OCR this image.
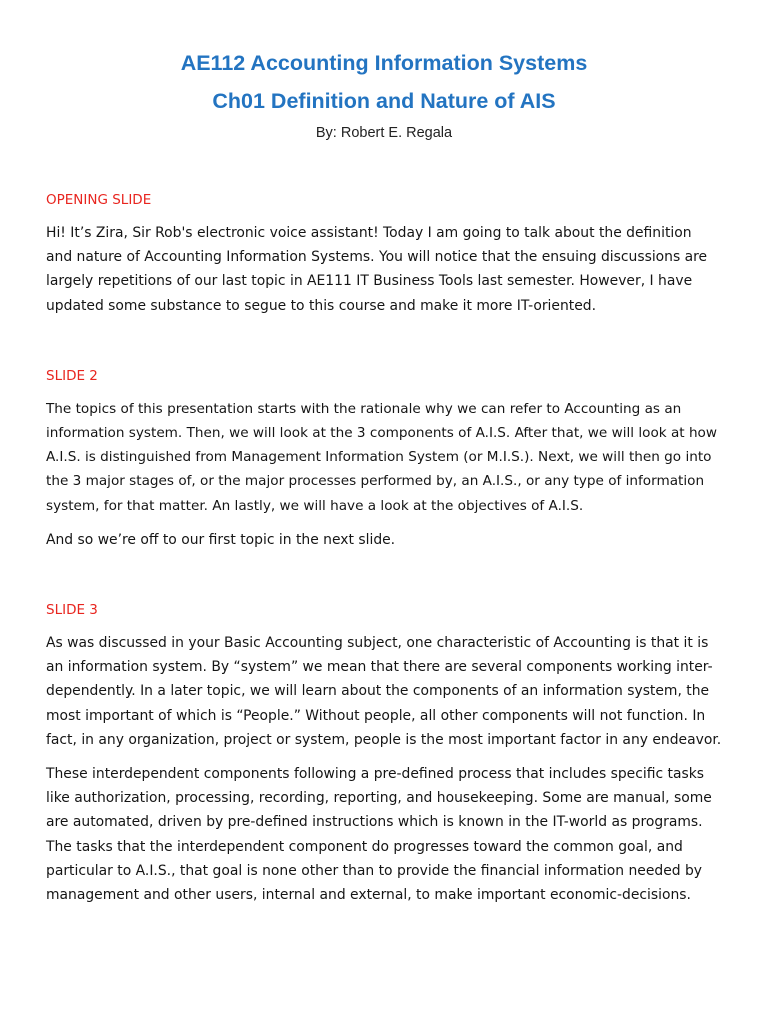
AE112 Accounting Information Systems
Ch01 Definition and Nature of AIS

By: Robert E. Regala

OPENING SLIDE

Hi! It’s Zira, Sir Rob's electronic voice assistant! Today I am going to talk about the definition and nature of Accounting Information Systems. You will notice that the ensuing discussions are largely repetitions of our last topic in AE111 IT Business Tools last semester. However, I have updated some substance to segue to this course and make it more IT-oriented.

SLIDE 2

The topics of this presentation starts with the rationale why we can refer to Accounting as an information system. Then, we will look at the 3 components of A.I.S. After that, we will look at how A.I.S. is distinguished from Management Information System (or M.I.S.). Next, we will then go into the 3 major stages of, or the major processes performed by, an A.I.S., or any type of information system, for that matter. An lastly, we will have a look at the objectives of A.I.S.

And so we’re off to our first topic in the next slide.

SLIDE 3

As was discussed in your Basic Accounting subject, one characteristic of Accounting is that it is an information system. By “system” we mean that there are several components working inter-dependently. In a later topic, we will learn about the components of an information system, the most important of which is “People.” Without people, all other components will not function. In fact, in any organization, project or system, people is the most important factor in any endeavor.

These interdependent components following a pre-defined process that includes specific tasks like authorization, processing, recording, reporting, and housekeeping. Some are manual, some are automated, driven by pre-defined instructions which is known in the IT-world as programs. The tasks that the interdependent component do progresses toward the common goal, and particular to A.I.S., that goal is none other than to provide the financial information needed by management and other users, internal and external, to make important economic-decisions.
